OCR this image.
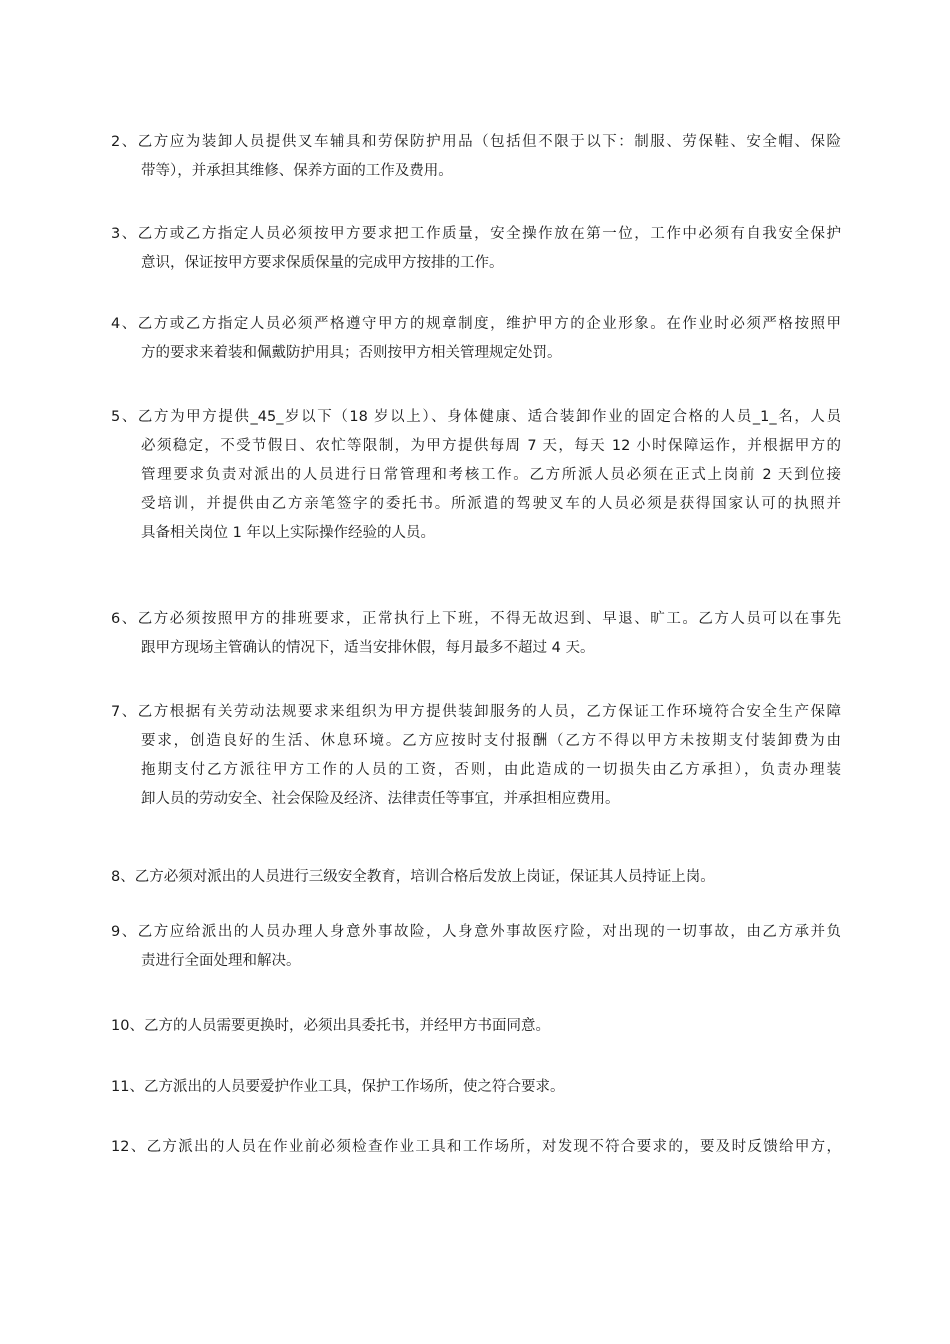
2、乙方应为装卸人员提供叉车辅具和劳保防护用品（包括但不限于以下：制服、劳保鞋、安全帽、保险
带等），并承担其维修、保养方面的工作及费用。
3、乙方或乙方指定人员必须按甲方要求把工作质量，安全操作放在第一位，工作中必须有自我安全保护
意识，保证按甲方要求保质保量的完成甲方按排的工作。
4、乙方或乙方指定人员必须严格遵守甲方的规章制度，维护甲方的企业形象。在作业时必须严格按照甲
方的要求来着装和佩戴防护用具；否则按甲方相关管理规定处罚。
5、乙方为甲方提供_45_岁以下（18 岁以上）、身体健康、适合装卸作业的固定合格的人员_1_名，人员
必须稳定，不受节假日、农忙等限制，为甲方提供每周 7 天，每天 12 小时保障运作，并根据甲方的
管理要求负责对派出的人员进行日常管理和考核工作。乙方所派人员必须在正式上岗前 2 天到位接
受培训，并提供由乙方亲笔签字的委托书。所派遣的驾驶叉车的人员必须是获得国家认可的执照并
具备相关岗位 1 年以上实际操作经验的人员。
6、乙方必须按照甲方的排班要求，正常执行上下班，不得无故迟到、早退、旷工。乙方人员可以在事先
跟甲方现场主管确认的情况下，适当安排休假，每月最多不超过 4 天。
7、乙方根据有关劳动法规要求来组织为甲方提供装卸服务的人员，乙方保证工作环境符合安全生产保障
要求，创造良好的生活、休息环境。乙方应按时支付报酬（乙方不得以甲方未按期支付装卸费为由
拖期支付乙方派往甲方工作的人员的工资，否则，由此造成的一切损失由乙方承担），负责办理装
卸人员的劳动安全、社会保险及经济、法律责任等事宜，并承担相应费用。
8、乙方必须对派出的人员进行三级安全教育，培训合格后发放上岗证，保证其人员持证上岗。
9、乙方应给派出的人员办理人身意外事故险，人身意外事故医疗险，对出现的一切事故，由乙方承并负
责进行全面处理和解决。
10、乙方的人员需要更换时，必须出具委托书，并经甲方书面同意。
11、乙方派出的人员要爱护作业工具，保护工作场所，使之符合要求。
12、乙方派出的人员在作业前必须检查作业工具和工作场所，对发现不符合要求的，要及时反馈给甲方，
